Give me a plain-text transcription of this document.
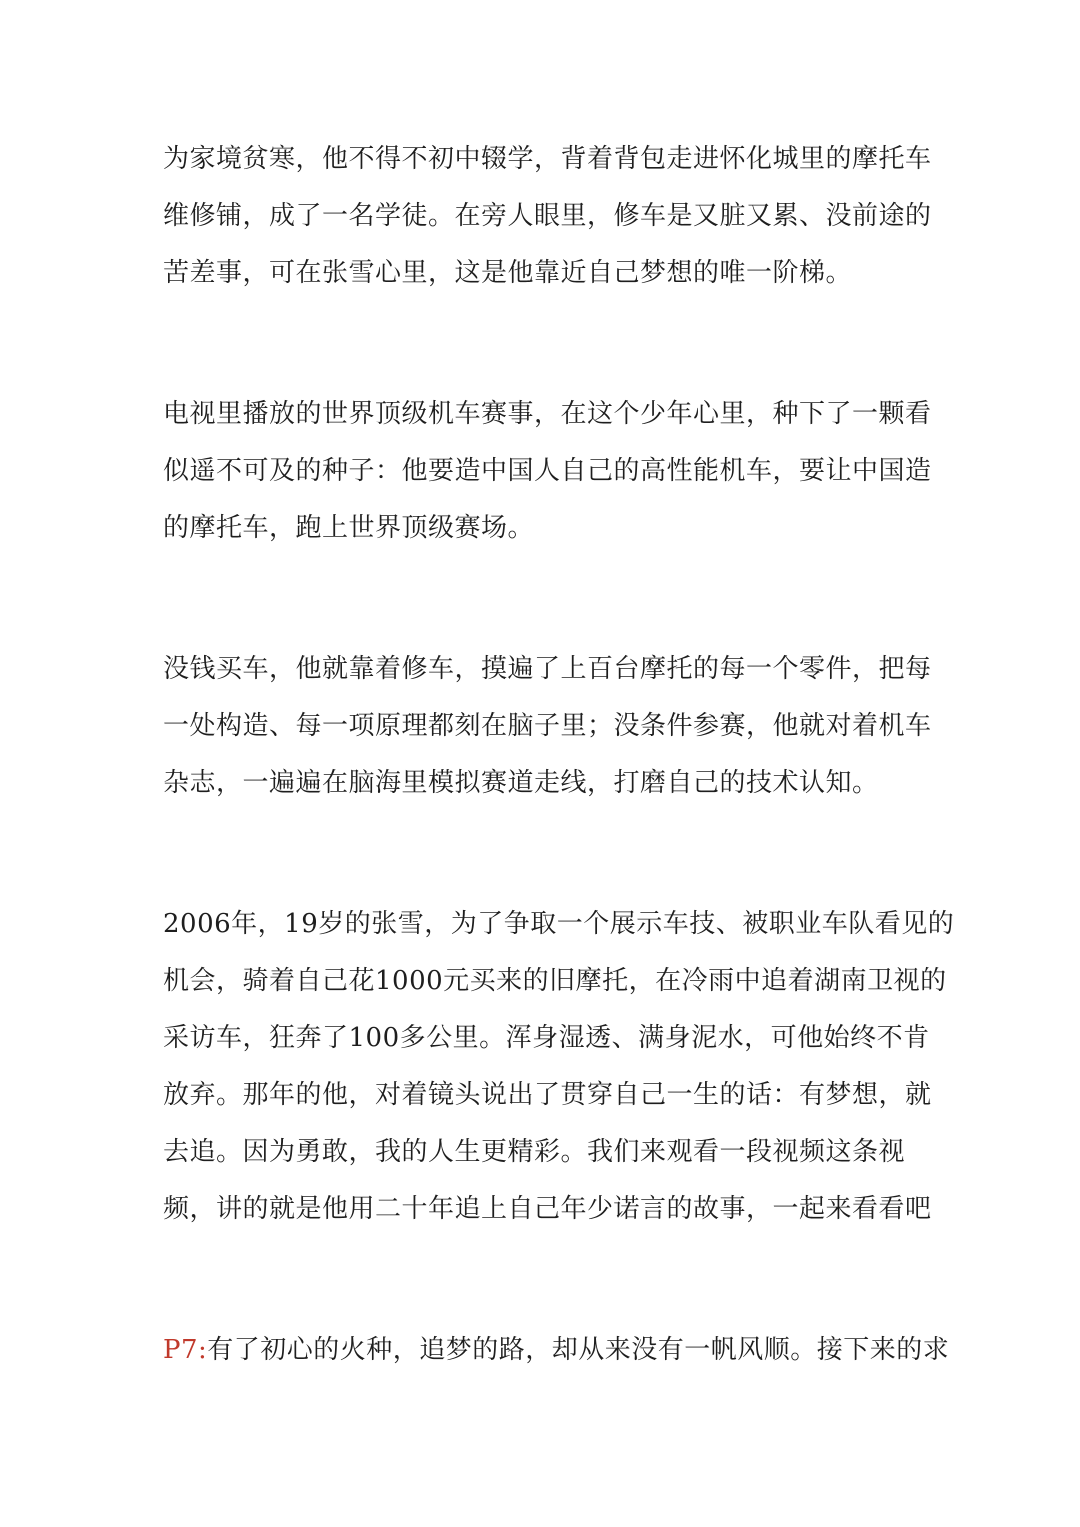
为家境贫寒，他不得不初中辍学，背着背包走进怀化城里的摩托车
维修铺，成了一名学徒。在旁人眼里，修车是又脏又累、没前途的
苦差事，可在张雪心里，这是他靠近自己梦想的唯一阶梯。
电视里播放的世界顶级机车赛事，在这个少年心里，种下了一颗看
似遥不可及的种子：他要造中国人自己的高性能机车，要让中国造
的摩托车，跑上世界顶级赛场。
没钱买车，他就靠着修车，摸遍了上百台摩托的每一个零件，把每
一处构造、每一项原理都刻在脑子里；没条件参赛，他就对着机车
杂志，一遍遍在脑海里模拟赛道走线，打磨自己的技术认知。
2006年，19岁的张雪，为了争取一个展示车技、被职业车队看见的
机会，骑着自己花1000元买来的旧摩托，在冷雨中追着湖南卫视的
采访车，狂奔了100多公里。浑身湿透、满身泥水，可他始终不肯
放弃。那年的他，对着镜头说出了贯穿自己一生的话：有梦想，就
去追。因为勇敢，我的人生更精彩。我们来观看一段视频这条视
频，讲的就是他用二十年追上自己年少诺言的故事，一起来看看吧
P7:有了初心的火种，追梦的路，却从来没有一帆风顺。接下来的求
